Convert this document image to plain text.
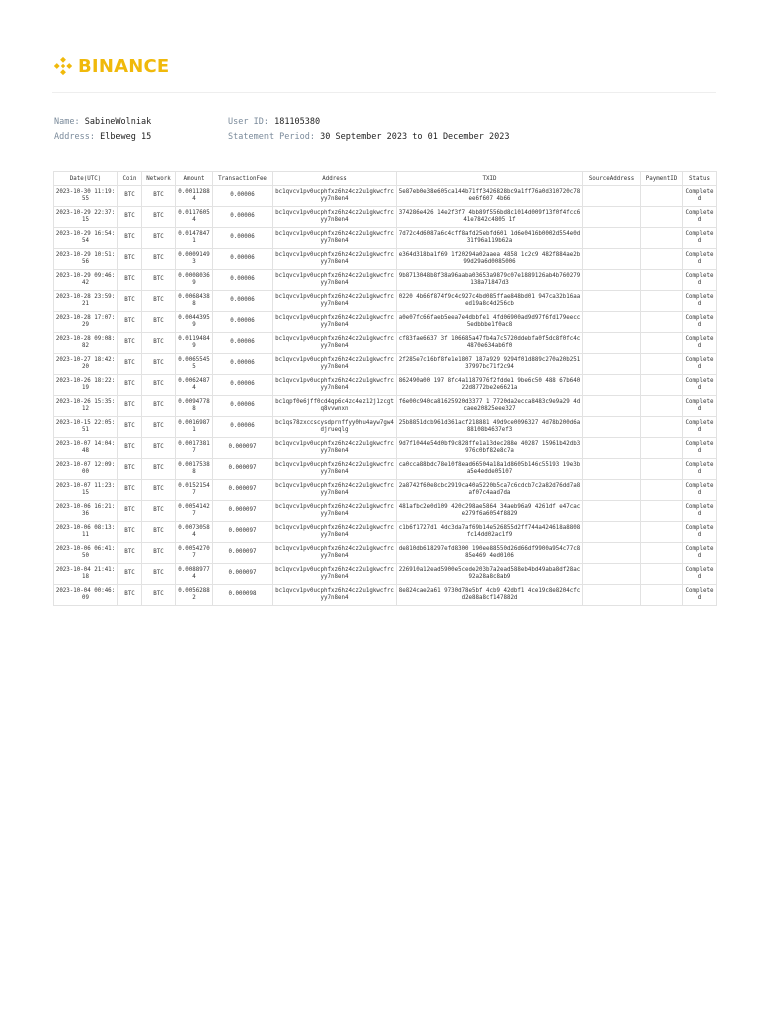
BINANCE
Name: SabineWolniak
Address: Elbeweg 15
User ID: 181105380
Statement Period: 30 September 2023 to 01 December 2023
Date(UTC)	Coin	Network	Amount	TransactionFee	Address	TXID	SourceAddress	PaymentID	Status
2023-10-30 11:19:55	BTC	BTC	0.00112884	0.00006	bc1qvcv1pv0ucphfxz6hz4cz2u1gkwcfrcyy7n8en4	5e87eb0e38e605ca144b71ff3426828bc9a1ff76a0d310720c78ee6f607 4b66			Completed
2023-10-29 22:37:15	BTC	BTC	0.01176054	0.00006	bc1qvcv1pv0ucphfxz6hz4cz2u1gkwcfrcyy7n8en4	374286e426 14e2f3f7 4bb89f556bd8c1014d009f13f0f4fcc641e7842c4805 1f			Completed
2023-10-29 16:54:54	BTC	BTC	0.01478471	0.00006	bc1qvcv1pv0ucphfxz6hz4cz2u1gkwcfrcyy7n8en4	7d72c4d6087a6c4cff8afd25ebfd601 1d6e0416b0002d554e0d31f96a119b62a			Completed
2023-10-29 10:51:56	BTC	BTC	0.00091493	0.00006	bc1qvcv1pv0ucphfxz6hz4cz2u1gkwcfrcyy7n8en4	e364d318ba1f69 1f20294a02aaea 4858 1c2c9 482f884ae2b99d29a6d0085006			Completed
2023-10-29 09:46:42	BTC	BTC	0.00080369	0.00006	bc1qvcv1pv0ucphfxz6hz4cz2u1gkwcfrcyy7n8en4	9b8713048b8f38a96aaba03653a9879c07e1889126ab4b760279 138a71847d3			Completed
2023-10-28 23:59:21	BTC	BTC	0.00684388	0.00006	bc1qvcv1pv0ucphfxz6hz4cz2u1gkwcfrcyy7n8en4	0220 4b66f874f9c4c927c4bd085ffae848bd01 947ca32b16aaed19a8c4d256cb			Completed
2023-10-28 17:07:29	BTC	BTC	0.00443959	0.00006	bc1qvcv1pv0ucphfxz6hz4cz2u1gkwcfrcyy7n8en4	a0e07fc66faeb5eea7e4dbbfe1 4fd06900ad9d97f6fd179eecc5edbbbe1f0ac8			Completed
2023-10-28 09:08:82	BTC	BTC	0.01194849	0.00006	bc1qvcv1pv0ucphfxz6hz4cz2u1gkwcfrcyy7n8en4	cf83fae6637 3f 106685a47fb4a7c5720ddebfa0f5dc8f0fc4c4870e634ab6f0			Completed
2023-10-27 18:42:20	BTC	BTC	0.00655455	0.00006	bc1qvcv1pv0ucphfxz6hz4cz2u1gkwcfrcyy7n8en4	2f285e7c16bf8fe1e1807 187a929 9294f01d889c270a20b25137997bc71f2c94			Completed
2023-10-26 18:22:19	BTC	BTC	0.00624874	0.00006	bc1qvcv1pv0ucphfxz6hz4cz2u1gkwcfrcyy7n8en4	862490a00 197 8fc4a1187976f2fdde1 9be6c50 488 67b64022d8772be2e6621a			Completed
2023-10-26 15:35:12	BTC	BTC	0.00947788	0.00006	bc1qpf0e6jff0cd4qp6c4zc4ez12j1zcgtq8vvwnxn	f6e00c940ca81625920d3377 1 7720da2ecca8483c9e9a29 4dcaee20825eee327			Completed
2023-10-15 22:05:51	BTC	BTC	0.00169871	0.00006	bc1qs78zxccscysdprnffyy0hu4ayw7gw4djrueqlg	25b8851dcb961d361acf218881 49d9ce0096327 4d78b200d6a88108b4637ef3			Completed
2023-10-07 14:04:48	BTC	BTC	0.00173817	0.000097	bc1qvcv1pv0ucphfxz6hz4cz2u1gkwcfrcyy7n8en4	9d7f1044e54d0bf9c828ffe1a13dec288e 40287 15961b42db3976c0bf82e8c7a			Completed
2023-10-07 12:09:00	BTC	BTC	0.00175388	0.000097	bc1qvcv1pv0ucphfxz6hz4cz2u1gkwcfrcyy7n8en4	ca0cca88bdc78e10f8ead66504a18a1d8605b146c55193 19e3ba5e4edde05107			Completed
2023-10-07 11:23:15	BTC	BTC	0.01521547	0.000097	bc1qvcv1pv0ucphfxz6hz4cz2u1gkwcfrcyy7n8en4	2a8742f60e8cbc2919ca40a5220b5ca7c6cdcb7c2a82d76dd7a8af07c4aad7da			Completed
2023-10-06 16:21:36	BTC	BTC	0.00541427	0.000097	bc1qvcv1pv0ucphfxz6hz4cz2u1gkwcfrcyy7n8en4	481afbc2e0d109 420c298ae5864 34aeb96a9 4261df e47cace279f6a6054f8829			Completed
2023-10-06 08:13:11	BTC	BTC	0.00730584	0.000097	bc1qvcv1pv0ucphfxz6hz4cz2u1gkwcfrcyy7n8en4	c1b6f1727d1 4dc3da7af69b14e526855d2ff744a424618a8808fc14dd02ac1f9			Completed
2023-10-06 06:41:50	BTC	BTC	0.00542707	0.000097	bc1qvcv1pv0ucphfxz6hz4cz2u1gkwcfrcyy7n8en4	de810db618297efd8300 190ee88550d26d66df9900a954c77c885e469 4ed0106			Completed
2023-10-04 21:41:18	BTC	BTC	0.00889774	0.000097	bc1qvcv1pv0ucphfxz6hz4cz2u1gkwcfrcyy7n8en4	226910a12ead5900e5cede203b7a2ead588eb4bd49aba8df28ac92a28a8c8ab9			Completed
2023-10-04 00:46:09	BTC	BTC	0.00562882	0.000098	bc1qvcv1pv0ucphfxz6hz4cz2u1gkwcfrcyy7n8en4	8e824cae2a61 9730d78e5bf 4cb9 42dbf1 4ce19c8e8204cfcd2e88a8cf147882d			Completed
